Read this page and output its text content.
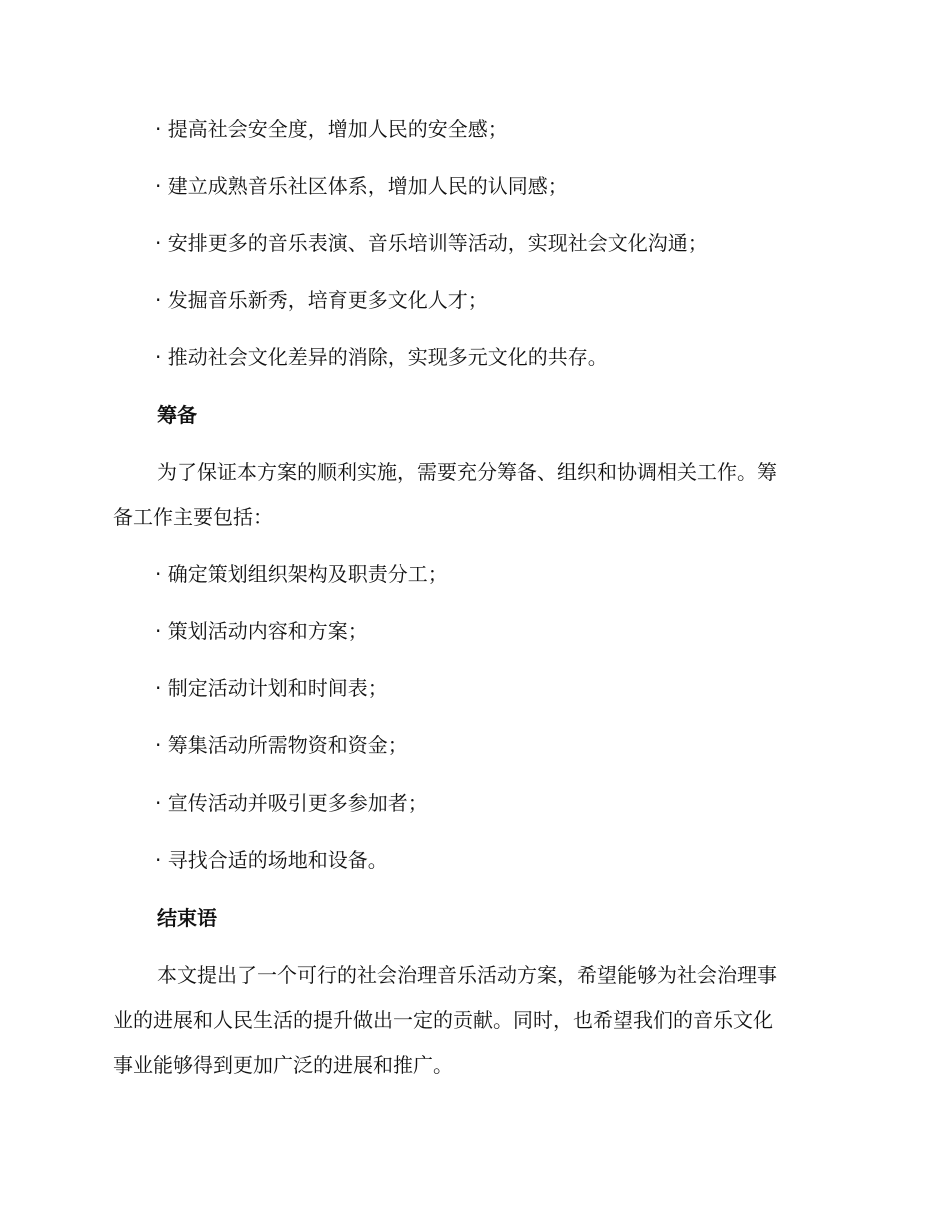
· 提高社会安全度，增加人民的安全感；
· 建立成熟音乐社区体系，增加人民的认同感；
· 安排更多的音乐表演、音乐培训等活动，实现社会文化沟通；
· 发掘音乐新秀，培育更多文化人才；
· 推动社会文化差异的消除，实现多元文化的共存。
筹备
为了保证本方案的顺利实施，需要充分筹备、组织和协调相关工作。筹
备工作主要包括：
· 确定策划组织架构及职责分工；
· 策划活动内容和方案；
· 制定活动计划和时间表；
· 筹集活动所需物资和资金；
· 宣传活动并吸引更多参加者；
· 寻找合适的场地和设备。
结束语
本文提出了一个可行的社会治理音乐活动方案，希望能够为社会治理事
业的进展和人民生活的提升做出一定的贡献。同时，也希望我们的音乐文化
事业能够得到更加广泛的进展和推广。
